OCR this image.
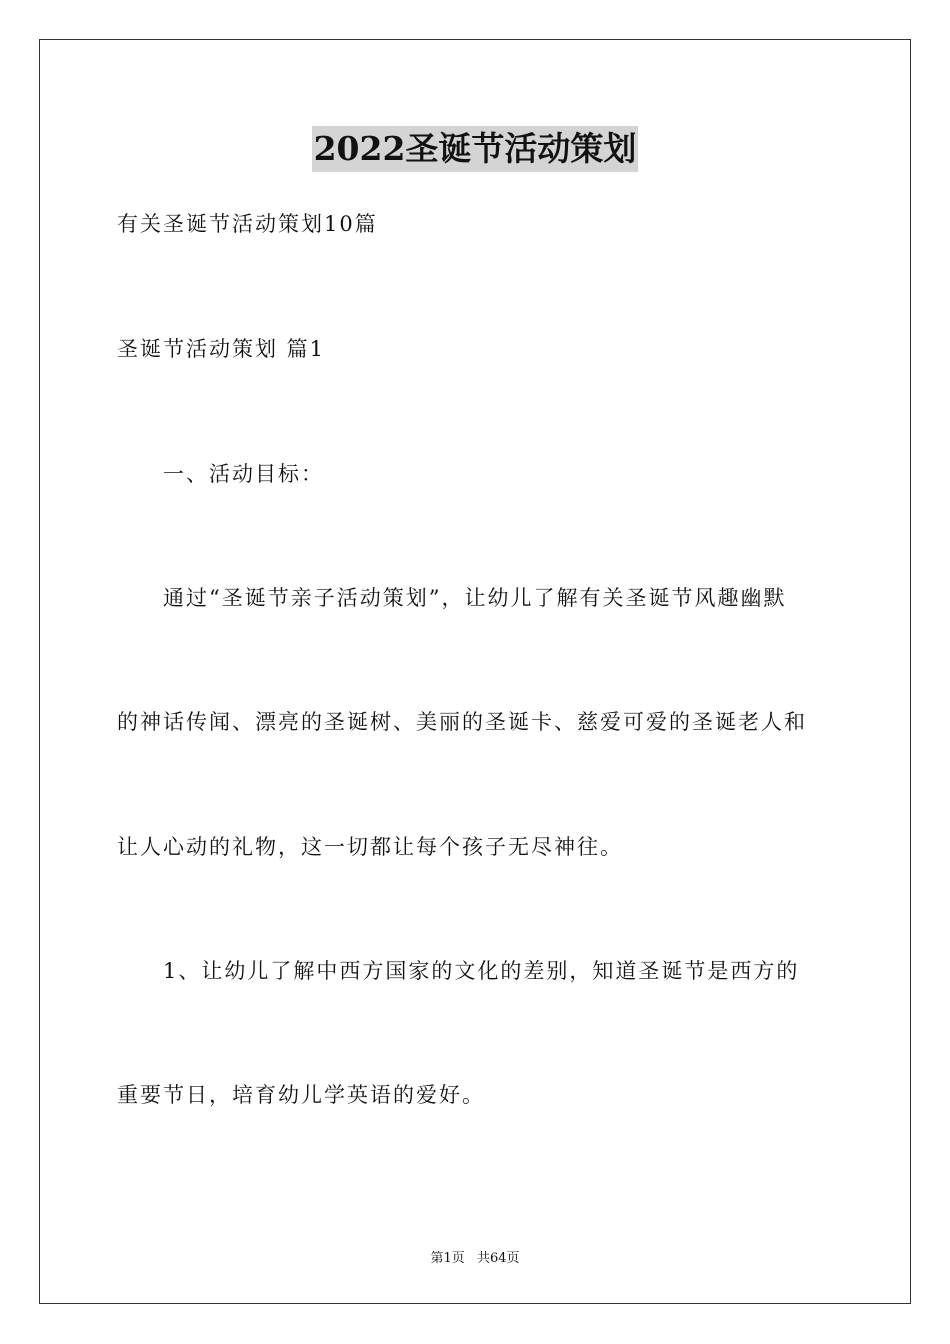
2022圣诞节活动策划
有关圣诞节活动策划10篇
圣诞节活动策划 篇1
一、活动目标：
通过“圣诞节亲子活动策划”，让幼儿了解有关圣诞节风趣幽默
的神话传闻、漂亮的圣诞树、美丽的圣诞卡、慈爱可爱的圣诞老人和
让人心动的礼物，这一切都让每个孩子无尽神往。
1、让幼儿了解中西方国家的文化的差别，知道圣诞节是西方的
重要节日，培育幼儿学英语的爱好。
第1页 共64页
